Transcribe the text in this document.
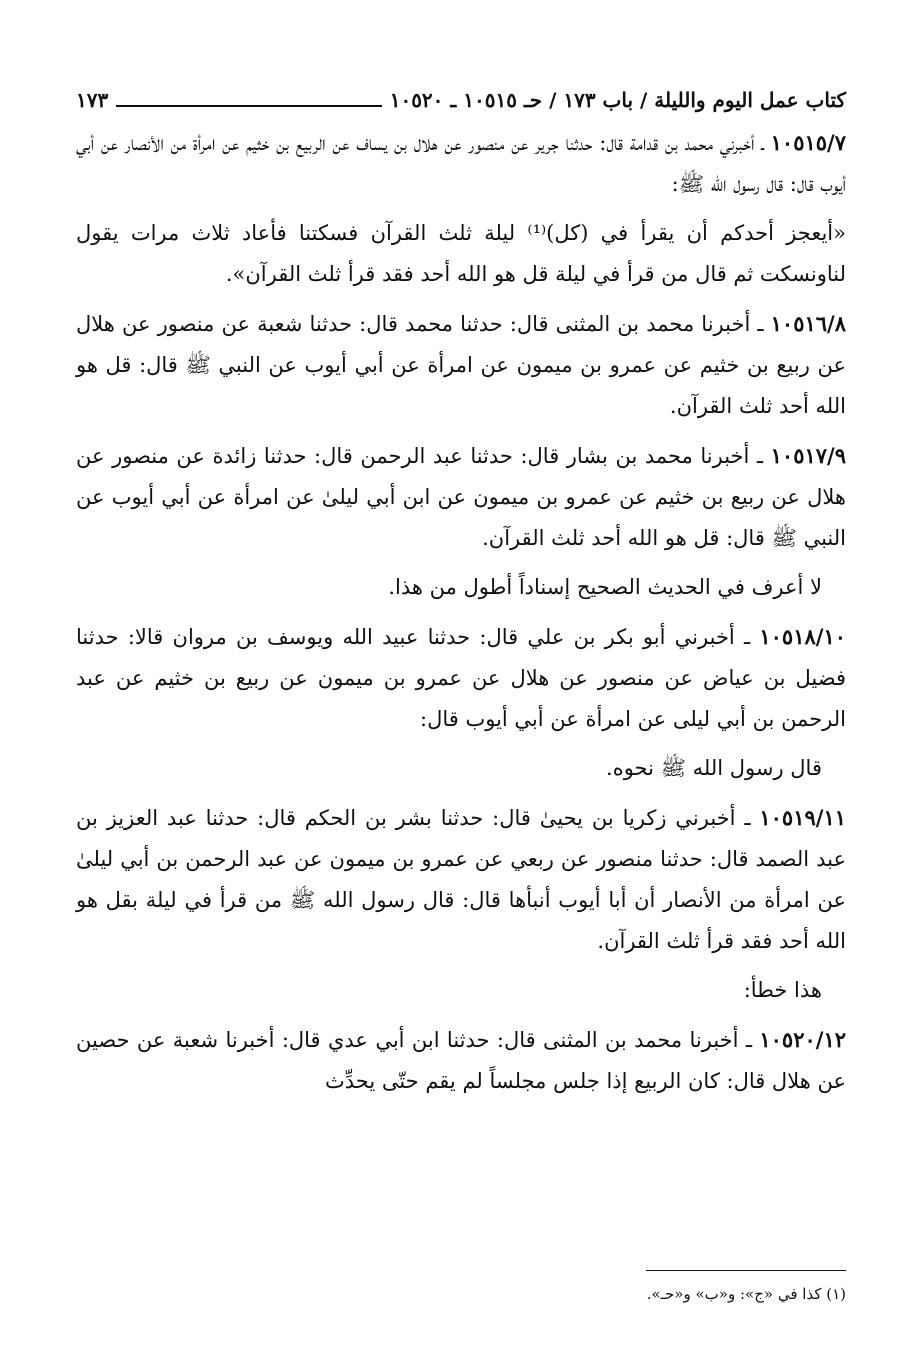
كتاب عمل اليوم والليلة / باب ١٧٣ / حـ ١٠٥١٥ ـ ١٠٥٢٠
١٧٣

١٠٥١٥/٧ ـ أخبرني محمد بن قدامة قال: حدثنا جرير عن منصور عن هلال بن يساف عن الربيع بن خثيم عن امرأة من الأنصار عن أبي أيوب قال: قال رسول الله ﷺ:

«أيعجز أحدكم أن يقرأ في (كل)⁽¹⁾ ليلة ثلث القرآن فسكتنا فأعاد ثلاث مرات يقول لناونسكت ثم قال من قرأ في ليلة قل هو الله أحد فقد قرأ ثلث القرآن».

١٠٥١٦/٨ ـ أخبرنا محمد بن المثنى قال: حدثنا محمد قال: حدثنا شعبة عن منصور عن هلال عن ربيع بن خثيم عن عمرو بن ميمون عن امرأة عن أبي أيوب عن النبي ﷺ قال: قل هو الله أحد ثلث القرآن.

١٠٥١٧/٩ ـ أخبرنا محمد بن بشار قال: حدثنا عبد الرحمن قال: حدثنا زائدة عن منصور عن هلال عن ربيع بن خثيم عن عمرو بن ميمون عن ابن أبي ليلىٰ عن امرأة عن أبي أيوب عن النبي ﷺ قال: قل هو الله أحد ثلث القرآن.

لا أعرف في الحديث الصحيح إسناداً أطول من هذا.

١٠٥١٨/١٠ ـ أخبرني أبو بكر بن علي قال: حدثنا عبيد الله ويوسف بن مروان قالا: حدثنا فضيل بن عياض عن منصور عن هلال عن عمرو بن ميمون عن ربيع بن خثيم عن عبد الرحمن بن أبي ليلى عن امرأة عن أبي أيوب قال:

قال رسول الله ﷺ نحوه.

١٠٥١٩/١١ ـ أخبرني زكريا بن يحيىٰ قال: حدثنا بشر بن الحكم قال: حدثنا عبد العزيز بن عبد الصمد قال: حدثنا منصور عن ربعي عن عمرو بن ميمون عن عبد الرحمن بن أبي ليلىٰ عن امرأة من الأنصار أن أبا أيوب أنبأها قال: قال رسول الله ﷺ من قرأ في ليلة بقل هو الله أحد فقد قرأ ثلث القرآن.

هذا خطأ:

١٠٥٢٠/١٢ ـ أخبرنا محمد بن المثنى قال: حدثنا ابن أبي عدي قال: أخبرنا شعبة عن حصين عن هلال قال: كان الربيع إذا جلس مجلساً لم يقم حتّى يحدِّث

(١) كذا في «ج»: و«ب» و«حـ».
